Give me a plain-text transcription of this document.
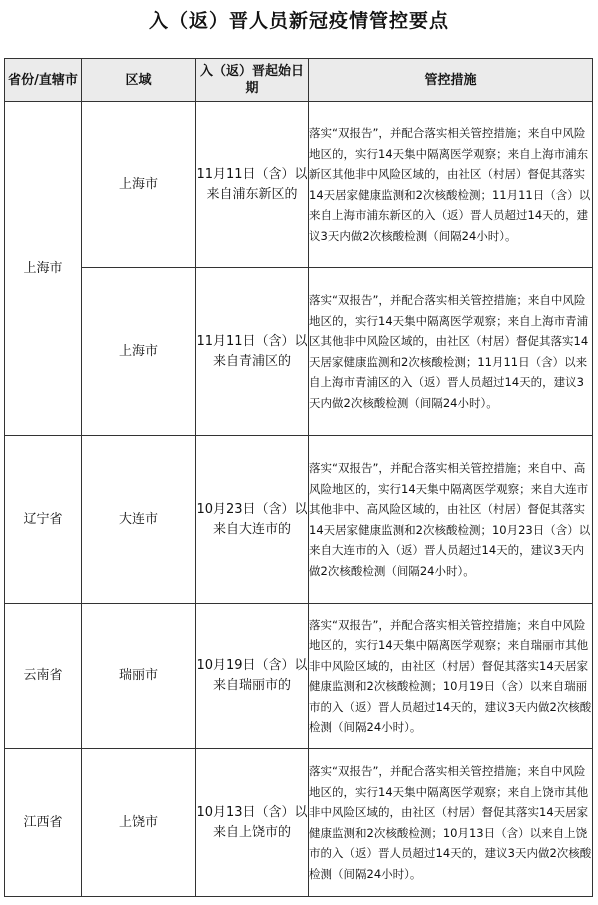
入（返）晋人员新冠疫情管控要点
省份/直辖市	区域	入（返）晋起始日期	管控措施
上海市	上海市	11月11日（含）以来自浦东新区的	落实“双报告”，并配合落实相关管控措施；来自中风险地区的，实行14天集中隔离医学观察；来自上海市浦东新区其他非中风险区域的，由社区（村居）督促其落实14天居家健康监测和2次核酸检测；11月11日（含）以来自上海市浦东新区的入（返）晋人员超过14天的，建议3天内做2次核酸检测（间隔24小时）。
	上海市	11月11日（含）以来自青浦区的	落实“双报告”，并配合落实相关管控措施；来自中风险地区的，实行14天集中隔离医学观察；来自上海市青浦区其他非中风险区域的，由社区（村居）督促其落实14天居家健康监测和2次核酸检测；11月11日（含）以来自上海市青浦区的入（返）晋人员超过14天的，建议3天内做2次核酸检测（间隔24小时）。
辽宁省	大连市	10月23日（含）以来自大连市的	落实“双报告”，并配合落实相关管控措施；来自中、高风险地区的，实行14天集中隔离医学观察；来自大连市其他非中、高风险区域的，由社区（村居）督促其落实14天居家健康监测和2次核酸检测；10月23日（含）以来自大连市的入（返）晋人员超过14天的，建议3天内做2次核酸检测（间隔24小时）。
云南省	瑞丽市	10月19日（含）以来自瑞丽市的	落实“双报告”，并配合落实相关管控措施；来自中风险地区的，实行14天集中隔离医学观察；来自瑞丽市其他非中风险区域的，由社区（村居）督促其落实14天居家健康监测和2次核酸检测；10月19日（含）以来自瑞丽市的入（返）晋人员超过14天的，建议3天内做2次核酸检测（间隔24小时）。
江西省	上饶市	10月13日（含）以来自上饶市的	落实“双报告”，并配合落实相关管控措施；来自中风险地区的，实行14天集中隔离医学观察；来自上饶市其他非中风险区域的，由社区（村居）督促其落实14天居家健康监测和2次核酸检测；10月13日（含）以来自上饶市的入（返）晋人员超过14天的，建议3天内做2次核酸检测（间隔24小时）。
